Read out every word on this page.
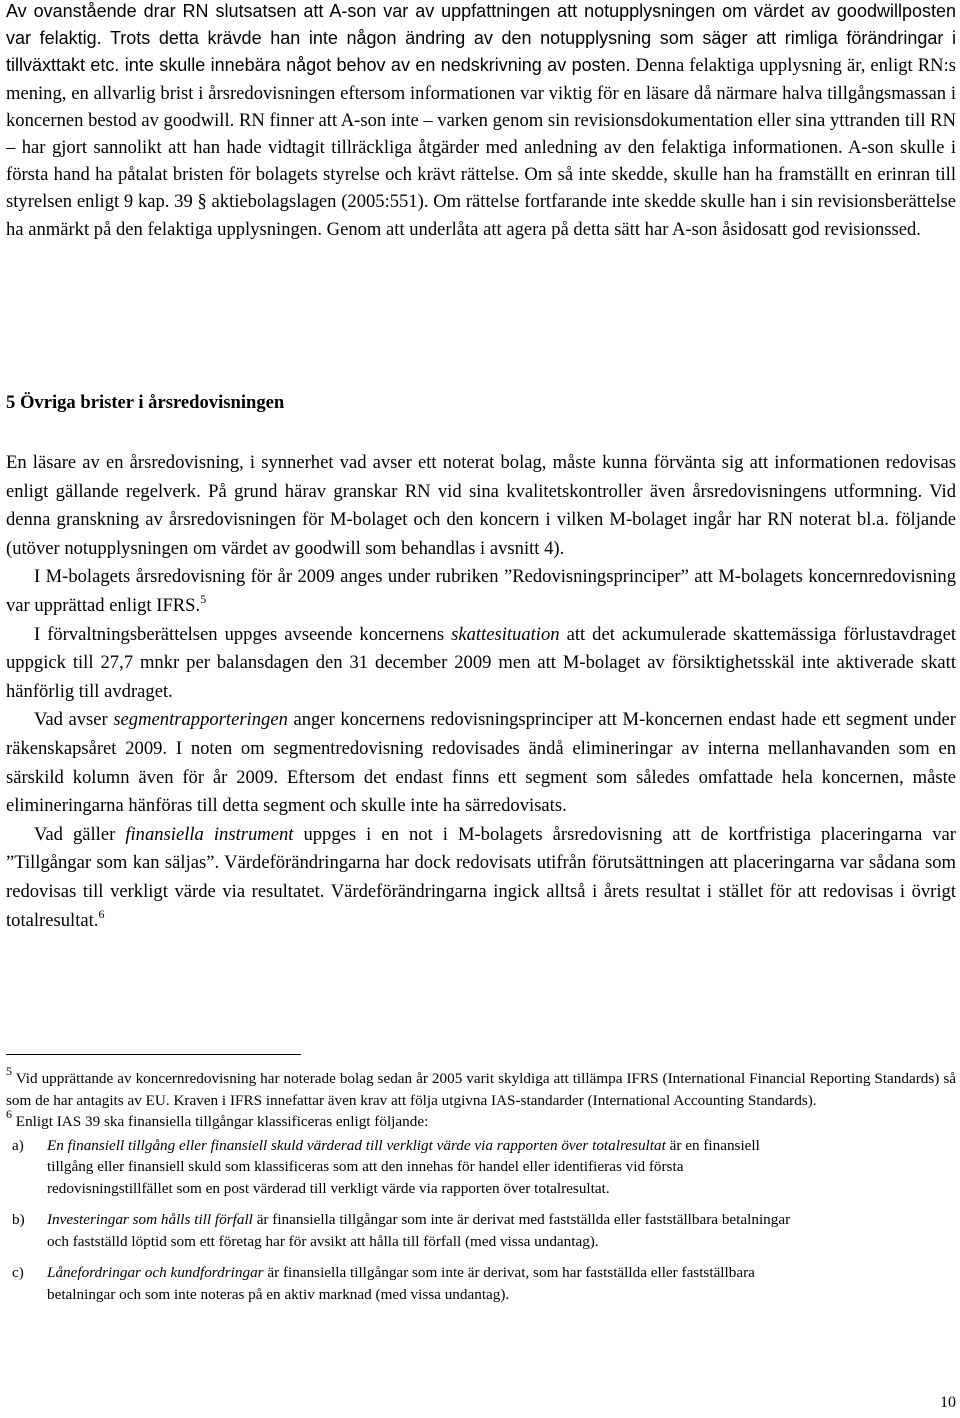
Av ovanstående drar RN slutsatsen att A-son var av uppfattningen att notupplysningen om värdet av goodwillposten var felaktig. Trots detta krävde han inte någon ändring av den notupplysning som säger att rimliga förändringar i tillväxttakt etc. inte skulle innebära något behov av en nedskrivning av posten. Denna felaktiga upplysning är, enligt RN:s mening, en allvarlig brist i årsredovisningen eftersom informationen var viktig för en läsare då närmare halva tillgångsmassan i koncernen bestod av goodwill. RN finner att A-son inte – varken genom sin revisionsdokumentation eller sina yttranden till RN – har gjort sannolikt att han hade vidtagit tillräckliga åtgärder med anledning av den felaktiga informationen. A-son skulle i första hand ha påtalat bristen för bolagets styrelse och krävt rättelse. Om så inte skedde, skulle han ha framställt en erinran till styrelsen enligt 9 kap. 39 § aktiebolagslagen (2005:551). Om rättelse fortfarande inte skedde skulle han i sin revisionsberättelse ha anmärkt på den felaktiga upplysningen. Genom att underlåta att agera på detta sätt har A-son åsidosatt god revisionssed.

5 Övriga brister i årsredovisningen

En läsare av en årsredovisning, i synnerhet vad avser ett noterat bolag, måste kunna förvänta sig att informationen redovisas enligt gällande regelverk. På grund härav granskar RN vid sina kvalitetskontroller även årsredovisningens utformning. Vid denna granskning av årsredovisningen för M-bolaget och den koncern i vilken M-bolaget ingår har RN noterat bl.a. följande (utöver notupplysningen om värdet av goodwill som behandlas i avsnitt 4).

I M-bolagets årsredovisning för år 2009 anges under rubriken ”Redovisningsprinciper” att M-bolagets koncernredovisning var upprättad enligt IFRS.$^5$

I förvaltningsberättelsen uppges avseende koncernens skattesituation att det ackumulerade skattemässiga förlustavdraget uppgick till 27,7 mnkr per balansdagen den 31 december 2009 men att M-bolaget av försiktighetsskäl inte aktiverade skatt hänförlig till avdraget.

Vad avser segmentrapporteringen anger koncernens redovisningsprinciper att M-koncernen endast hade ett segment under räkenskapsåret 2009. I noten om segmentredovisning redovisades ändå elimineringar av interna mellanhavanden som en särskild kolumn även för år 2009. Eftersom det endast finns ett segment som således omfattade hela koncernen, måste elimineringarna hänföras till detta segment och skulle inte ha särredovisats.

Vad gäller finansiella instrument uppges i en not i M-bolagets årsredovisning att de kortfristiga placeringarna var ”Tillgångar som kan säljas”. Värdeförändringarna har dock redovisats utifrån förutsättningen att placeringarna var sådana som redovisas till verkligt värde via resultatet. Värdeförändringarna ingick alltså i årets resultat i stället för att redovisas i övrigt totalresultat.$^6$

$^5$ Vid upprättande av koncernredovisning har noterade bolag sedan år 2005 varit skyldiga att tillämpa IFRS (International Financial Reporting Standards) så som de har antagits av EU. Kraven i IFRS innefattar även krav att följa utgivna IAS-standarder (International Accounting Standards).

$^6$ Enligt IAS 39 ska finansiella tillgångar klassificeras enligt följande:

a)	En finansiell tillgång eller finansiell skuld värderad till verkligt värde via rapporten över totalresultat är en finansiell tillgång eller finansiell skuld som klassificeras som att den innehas för handel eller identifieras vid första redovisningstillfället som en post värderad till verkligt värde via rapporten över totalresultat.
b)	Investeringar som hålls till förfall är finansiella tillgångar som inte är derivat med fastställda eller fastställbara betalningar och fastställd löptid som ett företag har för avsikt att hålla till förfall (med vissa undantag).
c)	Lånefordringar och kundfordringar är finansiella tillgångar som inte är derivat, som har fastställda eller fastställbara betalningar och som inte noteras på en aktiv marknad (med vissa undantag).
10
